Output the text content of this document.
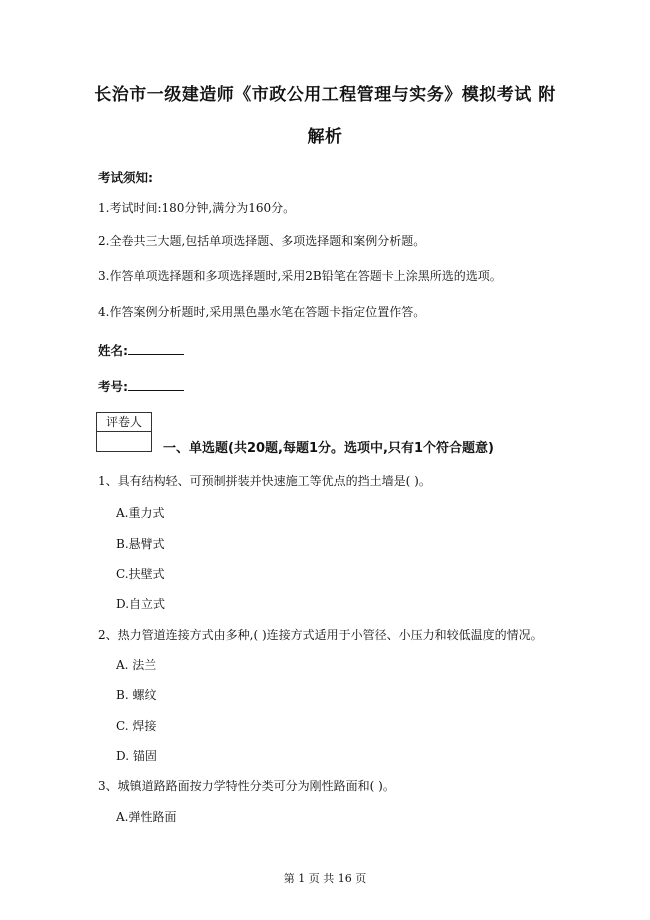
长治市一级建造师《市政公用工程管理与实务》模拟考试 附
解析
考试须知:
1.考试时间:180分钟,满分为160分。
2.全卷共三大题,包括单项选择题、多项选择题和案例分析题。
3.作答单项选择题和多项选择题时,采用2B铅笔在答题卡上涂黑所选的选项。
4.作答案例分析题时,采用黑色墨水笔在答题卡指定位置作答。
姓名:
考号:
评卷人
一、单选题(共20题,每题1分。选项中,只有1个符合题意)
1、具有结构轻、可预制拼装并快速施工等优点的挡土墙是( )。
A.重力式
B.悬臂式
C.扶壁式
D.自立式
2、热力管道连接方式由多种,( )连接方式适用于小管径、小压力和较低温度的情况。
A. 法兰
B. 螺纹
C. 焊接
D. 锚固
3、城镇道路路面按力学特性分类可分为刚性路面和( )。
A.弹性路面
第 1 页 共 16 页
